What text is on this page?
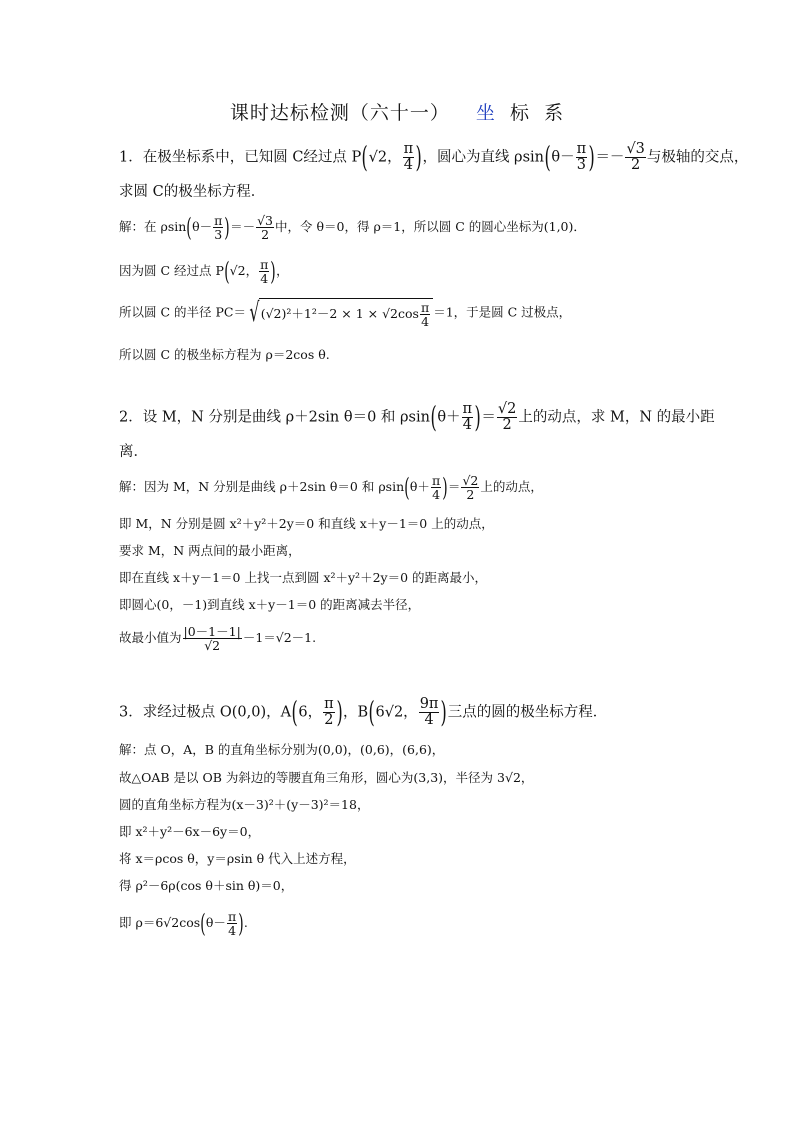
课时达标检测（六十一） 坐 标 系
1．在极坐标系中，已知圆 C经过点 P(√2， $\frac{\pi}{4}$ )，圆心为直线 $\rho\sin(\theta- \frac{\pi}{3}$ )＝－ $\frac{√3}{2}$ 与极轴的交点，
求圆 C的极坐标方程．
解：在 $\rho\sin(\theta- \frac{\pi}{3}$ )＝－ $\frac{√3}{2}$ 中，令 θ＝0，得 ρ＝1，所以圆 C 的圆心坐标为(1,0)．
因为圆 C 经过点 P(√2， $\frac{\pi}{4}$ )，
所以圆 C 的半径 $PC= √(√2)^2+1^2-2 \times 1 \times √2\cos \frac{\pi}{4} =1$，于是圆 C 过极点，
所以圆 C 的极坐标方程为 ρ＝2cos θ.
2．设 M，N 分别是曲线 ρ＋2sin θ＝0 和 $\rho\sin(\theta+ \frac{\pi}{4}$ )＝ $\frac{√2}{2}$ 上的动点，求 M，N 的最小距
离．
解：因为 M，N 分别是曲线 ρ＋2sin θ＝0 和 $\rho\sin(\theta+ \frac{\pi}{4}$ )＝ $\frac{√2}{2}$ 上的动点，
即 M，N 分别是圆 x²＋y²＋2y＝0 和直线 x＋y－1＝0 上的动点，
要求 M，N 两点间的最小距离，
即在直线 x＋y－1＝0 上找一点到圆 x²＋y²＋2y＝0 的距离最小，
即圆心(0，－1)到直线 x＋y－1＝0 的距离减去半径，
故最小值为 $\frac{|0-1-1|}{√2} -1=√2-1$.
3．求经过极点 O(0,0)，A(6， $\frac{\pi}{2}$ )，B(6√2， $\frac{9\pi}{4}$ )三点的圆的极坐标方程．
解：点 O，A，B 的直角坐标分别为(0,0)，(0,6)，(6,6)，
故△OAB 是以 OB 为斜边的等腰直角三角形，圆心为(3,3)，半径为 3√2，
圆的直角坐标方程为(x－3)²＋(y－3)²＝18，
即 x²＋y²－6x－6y＝0，
将 x＝ρcos θ，y＝ρsin θ 代入上述方程，
得 ρ²－6ρ(cos θ＋sin θ)＝0，
即 $\rho=6√2\cos(\theta- \frac{\pi}{4}$ ).
